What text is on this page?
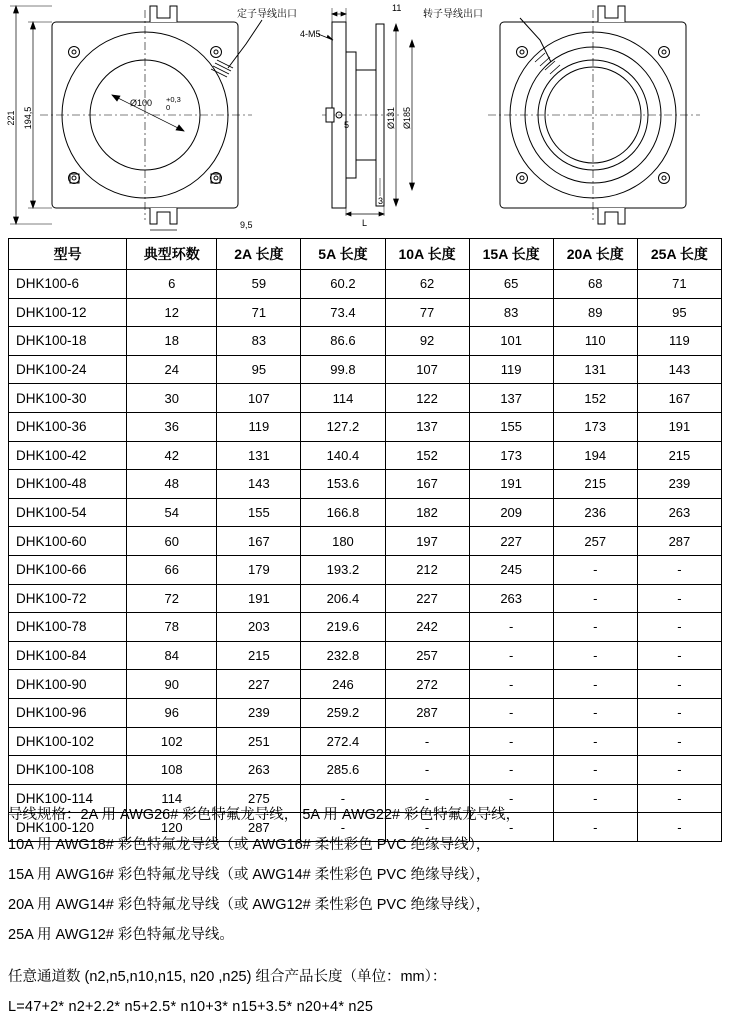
221 194,5
Ø100 +0,3
0
9,5
定子导线出口	转子导线出口
11
4-M5
Ø131 Ø185
5
3
L
型号	典型环数	2A 长度	5A 长度	10A 长度	15A 长度	20A 长度	25A 长度
DHK100-6	6	59	60.2	62	65	68	71
DHK100-12	12	71	73.4	77	83	89	95
DHK100-18	18	83	86.6	92	101	110	119
DHK100-24	24	95	99.8	107	119	131	143
DHK100-30	30	107	114	122	137	152	167
DHK100-36	36	119	127.2	137	155	173	191
DHK100-42	42	131	140.4	152	173	194	215
DHK100-48	48	143	153.6	167	191	215	239
DHK100-54	54	155	166.8	182	209	236	263
DHK100-60	60	167	180	197	227	257	287
DHK100-66	66	179	193.2	212	245	-	-
DHK100-72	72	191	206.4	227	263	-	-
DHK100-78	78	203	219.6	242	-	-	-
DHK100-84	84	215	232.8	257	-	-	-
DHK100-90	90	227	246	272	-	-	-
DHK100-96	96	239	259.2	287	-	-	-
DHK100-102	102	251	272.4	-	-	-	-
DHK100-108	108	263	285.6	-	-	-	-
DHK100-114	114	275	-	-	-	-	-
DHK100-120	120	287	-	-	-	-	-

导线规格：2A 用 AWG26# 彩色特氟龙导线， 5A 用 AWG22# 彩色特氟龙导线，

10A 用 AWG18# 彩色特氟龙导线（或 AWG16# 柔性彩色 PVC 绝缘导线），

15A 用 AWG16# 彩色特氟龙导线（或 AWG14# 柔性彩色 PVC 绝缘导线），

20A 用 AWG14# 彩色特氟龙导线（或 AWG12# 柔性彩色 PVC 绝缘导线），

25A 用 AWG12# 彩色特氟龙导线。

任意通道数 (n2,n5,n10,n15, n20 ,n25) 组合产品长度（单位：mm）：

L=47+2* n2+2.2* n5+2.5* n10+3* n15+3.5* n20+4* n25
